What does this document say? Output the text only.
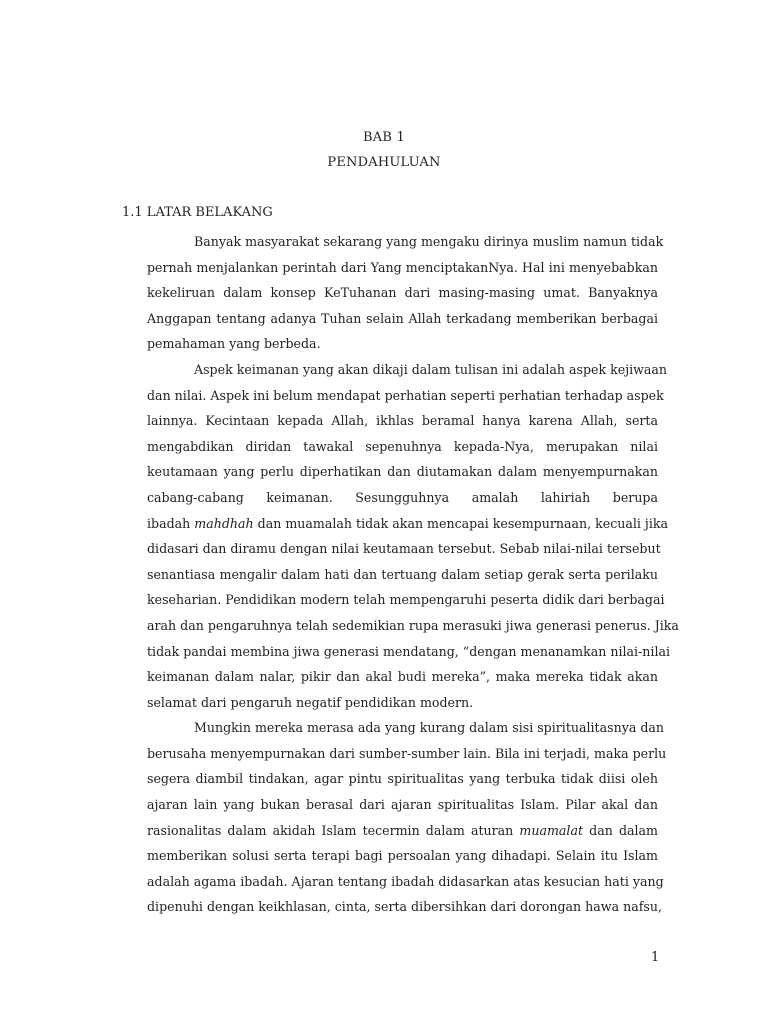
BAB 1
PENDAHULUAN
1.1 LATAR BELAKANG
Banyak masyarakat sekarang yang mengaku dirinya muslim namun tidak
pernah menjalankan perintah dari Yang menciptakanNya. Hal ini menyebabkan
kekeliruan dalam konsep KeTuhanan dari masing-masing umat. Banyaknya
Anggapan tentang adanya Tuhan selain Allah terkadang memberikan berbagai
pemahaman yang berbeda.
Aspek keimanan yang akan dikaji dalam tulisan ini adalah aspek kejiwaan
dan nilai. Aspek ini belum mendapat perhatian seperti perhatian terhadap aspek
lainnya. Kecintaan kepada Allah, ikhlas beramal hanya karena Allah, serta
mengabdikan diridan tawakal sepenuhnya kepada-Nya, merupakan nilai
keutamaan yang perlu diperhatikan dan diutamakan dalam menyempurnakan
cabang-cabang keimanan. Sesungguhnya amalah lahiriah berupa
ibadah mahdhah dan muamalah tidak akan mencapai kesempurnaan, kecuali jika
didasari dan diramu dengan nilai keutamaan tersebut. Sebab nilai-nilai tersebut
senantiasa mengalir dalam hati dan tertuang dalam setiap gerak serta perilaku
keseharian. Pendidikan modern telah mempengaruhi peserta didik dari berbagai
arah dan pengaruhnya telah sedemikian rupa merasuki jiwa generasi penerus. Jika
tidak pandai membina jiwa generasi mendatang, “dengan menanamkan nilai-nilai
keimanan dalam nalar, pikir dan akal budi mereka”, maka mereka tidak akan
selamat dari pengaruh negatif pendidikan modern.
Mungkin mereka merasa ada yang kurang dalam sisi spiritualitasnya dan
berusaha menyempurnakan dari sumber-sumber lain. Bila ini terjadi, maka perlu
segera diambil tindakan, agar pintu spiritualitas yang terbuka tidak diisi oleh
ajaran lain yang bukan berasal dari ajaran spiritualitas Islam. Pilar akal dan
rasionalitas dalam akidah Islam tecermin dalam aturan muamalat dan dalam
memberikan solusi serta terapi bagi persoalan yang dihadapi. Selain itu Islam
adalah agama ibadah. Ajaran tentang ibadah didasarkan atas kesucian hati yang
dipenuhi dengan keikhlasan, cinta, serta dibersihkan dari dorongan hawa nafsu,
1
